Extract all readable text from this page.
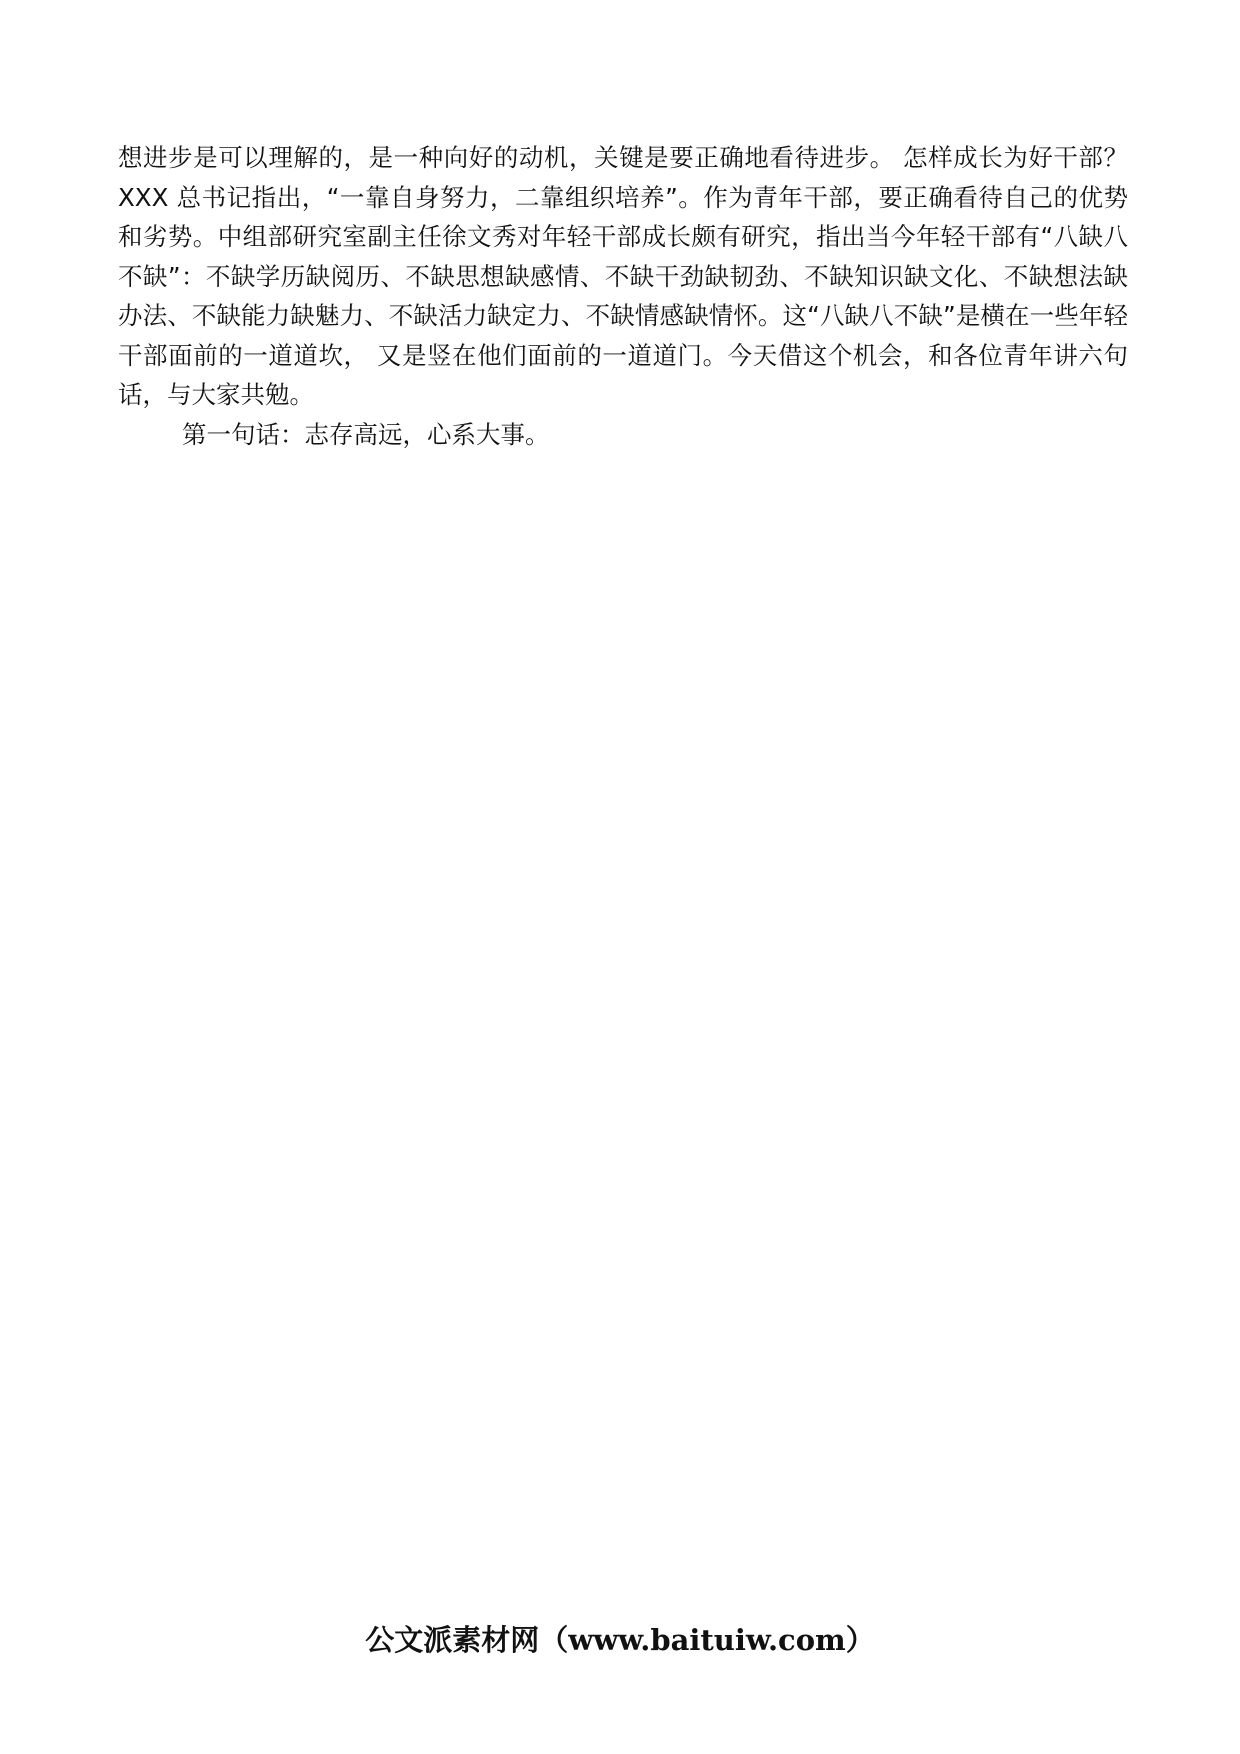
想进步是可以理解的，是一种向好的动机，关键是要正确地看待进步。 怎样成长为好干部？XXX 总书记指出，“一靠自身努力，二靠组织培养”。作为青年干部，要正确看待自己的优势和劣势。中组部研究室副主任徐文秀对年轻干部成长颇有研究，指出当今年轻干部有“八缺八不缺”：不缺学历缺阅历、不缺思想缺感情、不缺干劲缺韧劲、不缺知识缺文化、不缺想法缺办法、不缺能力缺魅力、不缺活力缺定力、不缺情感缺情怀。这“八缺八不缺”是横在一些年轻干部面前的一道道坎， 又是竖在他们面前的一道道门。今天借这个机会，和各位青年讲六句话，与大家共勉。

第一句话：志存高远，心系大事。

公文派素材网（www.baituiw.com）
